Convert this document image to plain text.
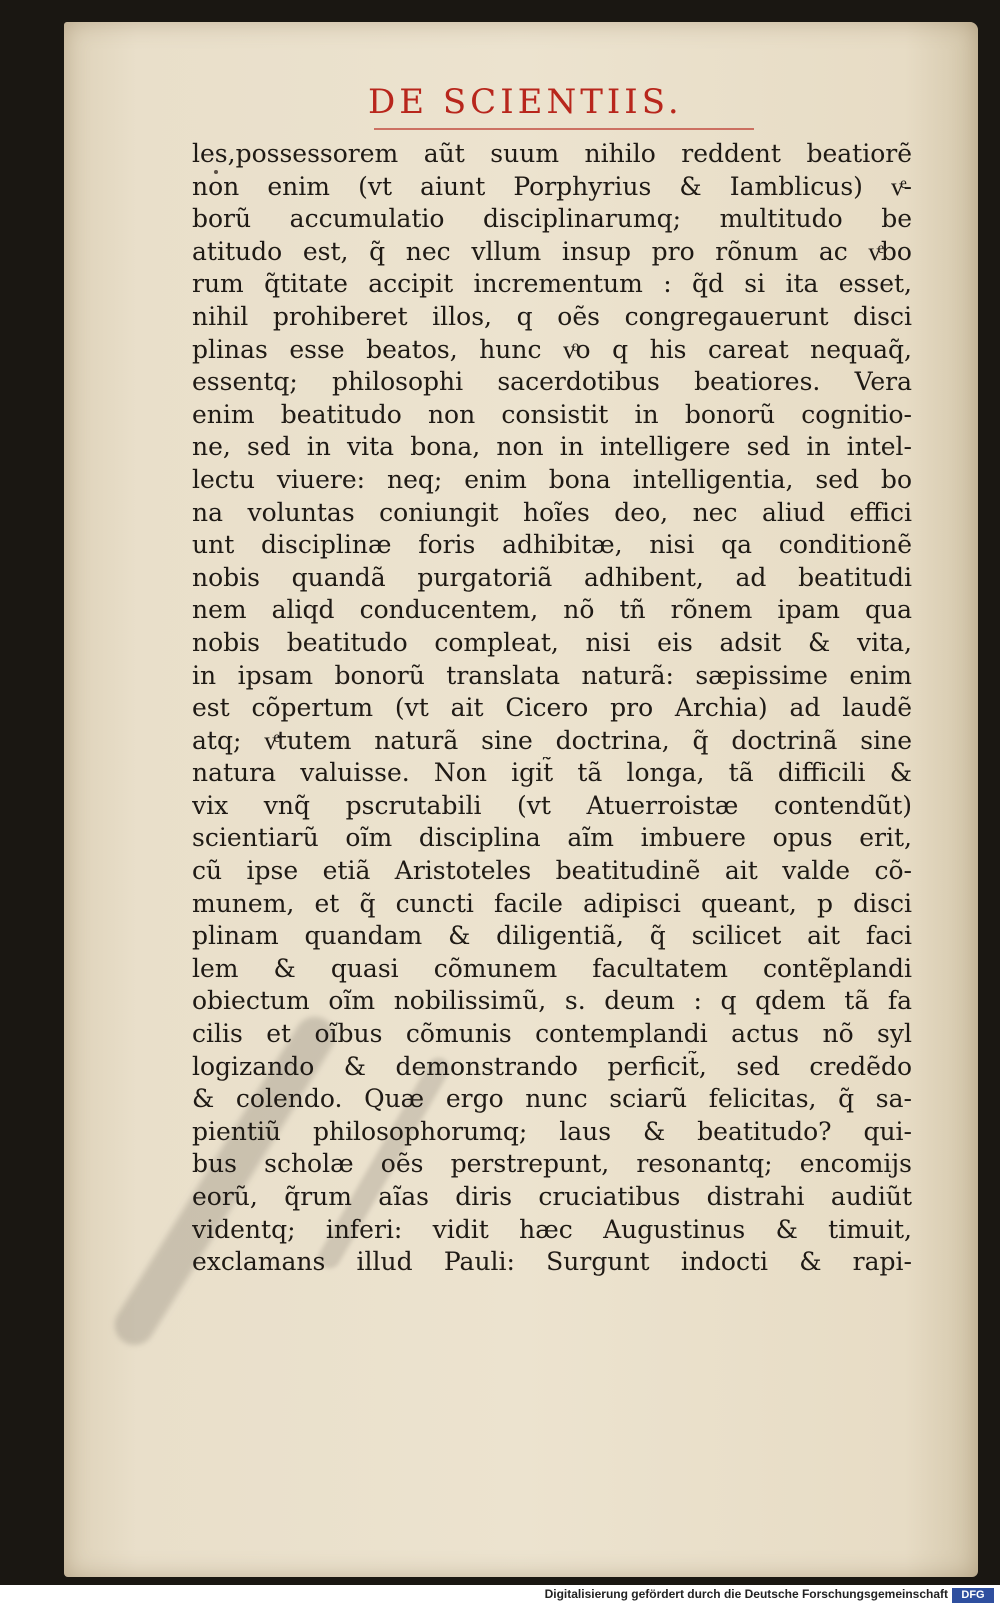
DE SCIENTIIS.
les,possessorem aũt suum nihilo reddent beatiorẽ
non enim (vt aiunt Porphyrius & Iamblicus) vͤ-
borũ accumulatio disciplinarumq; multitudo be
atitudo est, q̃ nec vllum insup pro rõnum ac vͤbo
rum q̃titate accipit incrementum : q̃d si ita esset,
nihil prohiberet illos, q oẽs congregauerunt disci
plinas esse beatos, hunc vͦo q his careat nequaq̃,
essentq; philosophi sacerdotibus beatiores. Vera
enim beatitudo non consistit in bonorũ cognitio-
ne, sed in vita bona, non in intelligere sed in intel-
lectu viuere: neq; enim bona intelligentia, sed bo
na voluntas coniungit hoĩes deo, nec aliud effici
unt disciplinæ foris adhibitæ, nisi qa conditionẽ
nobis quandã purgatoriã adhibent, ad beatitudi
nem aliqd conducentem, nõ tñ rõnem ipam qua
nobis beatitudo compleat, nisi eis adsit & vita,
in ipsam bonorũ translata naturã: sæpissime enim
est cõpertum (vt ait Cicero pro Archia) ad laudẽ
atq; vͤtutem naturã sine doctrina, q̃ doctrinã sine
natura valuisse. Non igit̃ tã longa, tã difficili &
vix vnq̃ pscrutabili (vt Atuerroistæ contendũt)
scientiarũ oĩm disciplina aĩm imbuere opus erit,
cũ ipse etiã Aristoteles beatitudinẽ ait valde cõ-
munem, et q̃ cuncti facile adipisci queant, p disci
plinam quandam & diligentiã, q̃ scilicet ait faci
lem & quasi cõmunem facultatem contẽplandi
obiectum oĩm nobilissimũ, s. deum : q qdem tã fa
cilis et oĩbus cõmunis contemplandi actus nõ syl
logizando & demonstrando perficit̃, sed credẽdo
& colendo. Quæ ergo nunc sciarũ felicitas, q̃ sa-
pientiũ philosophorumq; laus & beatitudo? qui-
bus scholæ oẽs perstrepunt, resonantq; encomijs
eorũ, q̃rum aĩas diris cruciatibus distrahi audiũt
videntq; inferi: vidit hæc Augustinus & timuit,
exclamans illud Pauli: Surgunt indocti & rapi-
Digitalisierung gefördert durch die Deutsche Forschungsgemeinschaft	DFG
